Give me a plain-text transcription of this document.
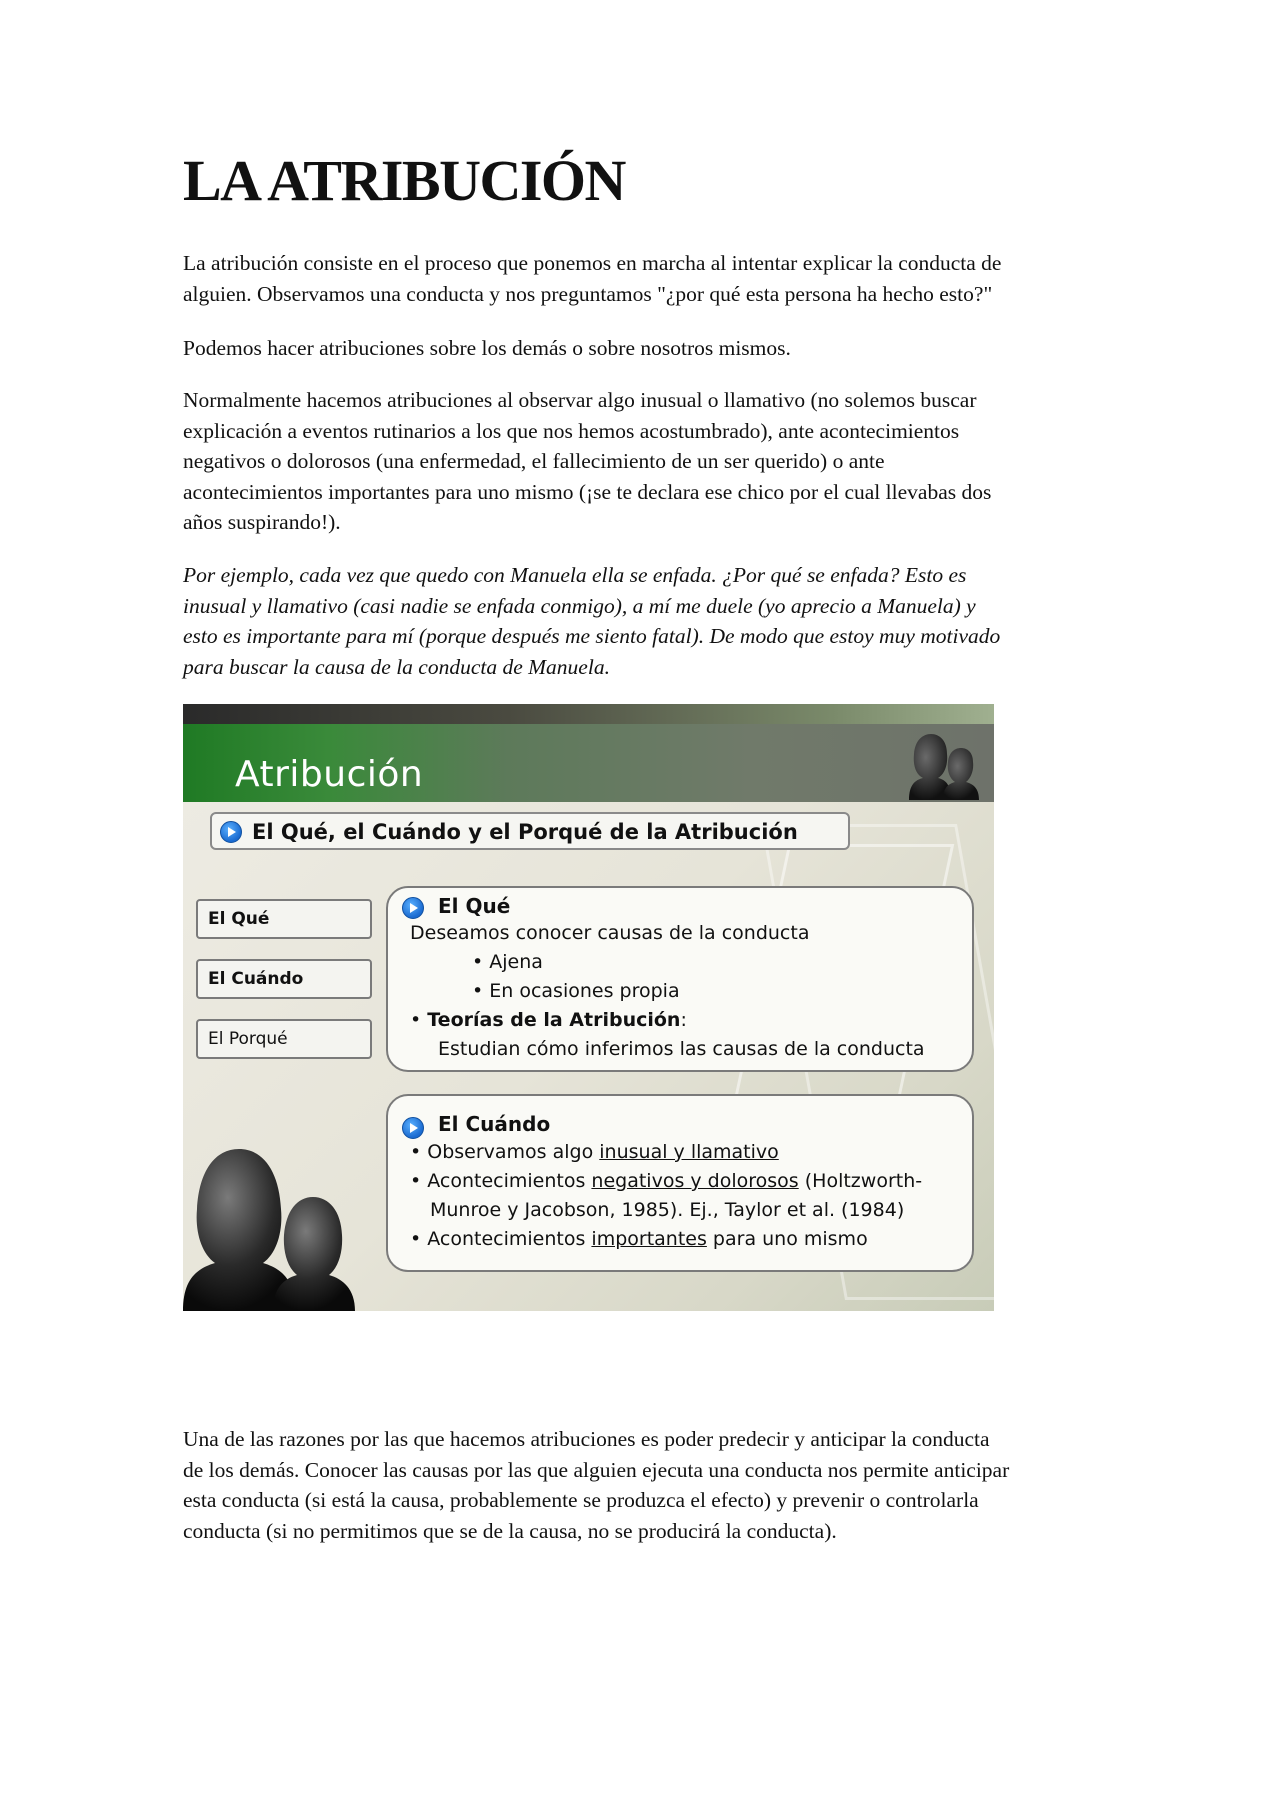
LA ATRIBUCIÓN

La atribución consiste en el proceso que ponemos en marcha al intentar explicar la conducta de
alguien. Observamos una conducta y nos preguntamos "¿por qué esta persona ha hecho esto?"

Podemos hacer atribuciones sobre los demás o sobre nosotros mismos.

Normalmente hacemos atribuciones al observar algo inusual o llamativo (no solemos buscar
explicación a eventos rutinarios a los que nos hemos acostumbrado), ante acontecimientos
negativos o dolorosos (una enfermedad, el fallecimiento de un ser querido) o ante
acontecimientos importantes para uno mismo (¡se te declara ese chico por el cual llevabas dos
años suspirando!).

Por ejemplo, cada vez que quedo con Manuela ella se enfada. ¿Por qué se enfada? Esto es
inusual y llamativo (casi nadie se enfada conmigo), a mí me duele (yo aprecio a Manuela) y
esto es importante para mí (porque después me siento fatal). De modo que estoy muy motivado
para buscar la causa de la conducta de Manuela.

Una de las razones por las que hacemos atribuciones es poder predecir y anticipar la conducta
de los demás. Conocer las causas por las que alguien ejecuta una conducta nos permite anticipar
esta conducta (si está la causa, probablemente se produzca el efecto) y prevenir o controlarla
conducta (si no permitimos que se de la causa, no se producirá la conducta).

Atribución
El Qué, el Cuándo y el Porqué de la Atribución
El Qué
El Cuándo
El Porqué
El Qué
Deseamos conocer causas de la conducta
• Ajena
• En ocasiones propia
• Teorías de la Atribución:
Estudian cómo inferimos las causas de la conducta
El Cuándo
• Observamos algo inusual y llamativo
• Acontecimientos negativos y dolorosos (Holtzworth-
Munroe y Jacobson, 1985). Ej., Taylor et al. (1984)
• Acontecimientos importantes para uno mismo
